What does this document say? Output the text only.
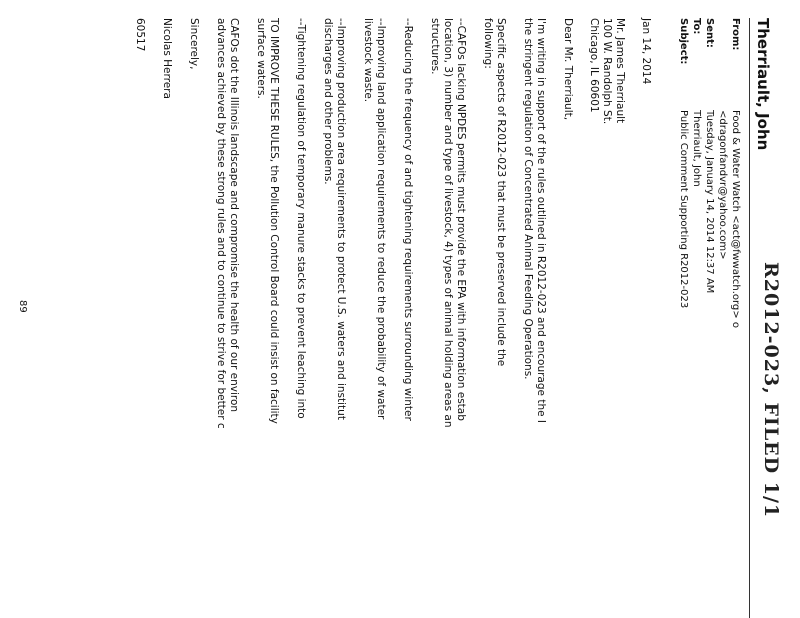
R2012-023, FILED 1/1
Therriault, John
From:
Food & Water Watch <act@fwwatch.org> o
<dragonfandvr@yahoo.com>
Sent:
Tuesday, January 14, 2014 12:37 AM
To:
Therriault, John
Subject:
Public Comment Supporting R2012-023
Jan 14, 2014
Mr. James Therriault
100 W. Randolph St.
Chicago, IL 60601
Dear Mr. Therriault,
I'm writing in support of the rules outlined in R2012-023 and encourage the I
the stringent regulation of Concentrated Animal Feeding Operations.
Specific aspects of R2012-023 that must be preserved include the
following:
--CAFOs lacking NPDES permits must provide the EPA with information estab
location, 3) number and type of livestock, 4) types of animal holding areas an
structures.
--Reducing the frequency of and tightening requirements surrounding winter
--Improving land application requirements to reduce the probability of water
livestock waste.
--Improving production area requirements to protect U.S. waters and institut
discharges and other problems.
--Tightening regulation of temporary manure stacks to prevent leaching into
TO IMPROVE THESE RULES, the Pollution Control Board could insist on facility
surface waters.
CAFOs dot the Illinois landscape and compromise the health of our environ
advances achieved by these strong rules and to continue to strive for better c
Sincerely,
Nicolas Herrera
60517
89
